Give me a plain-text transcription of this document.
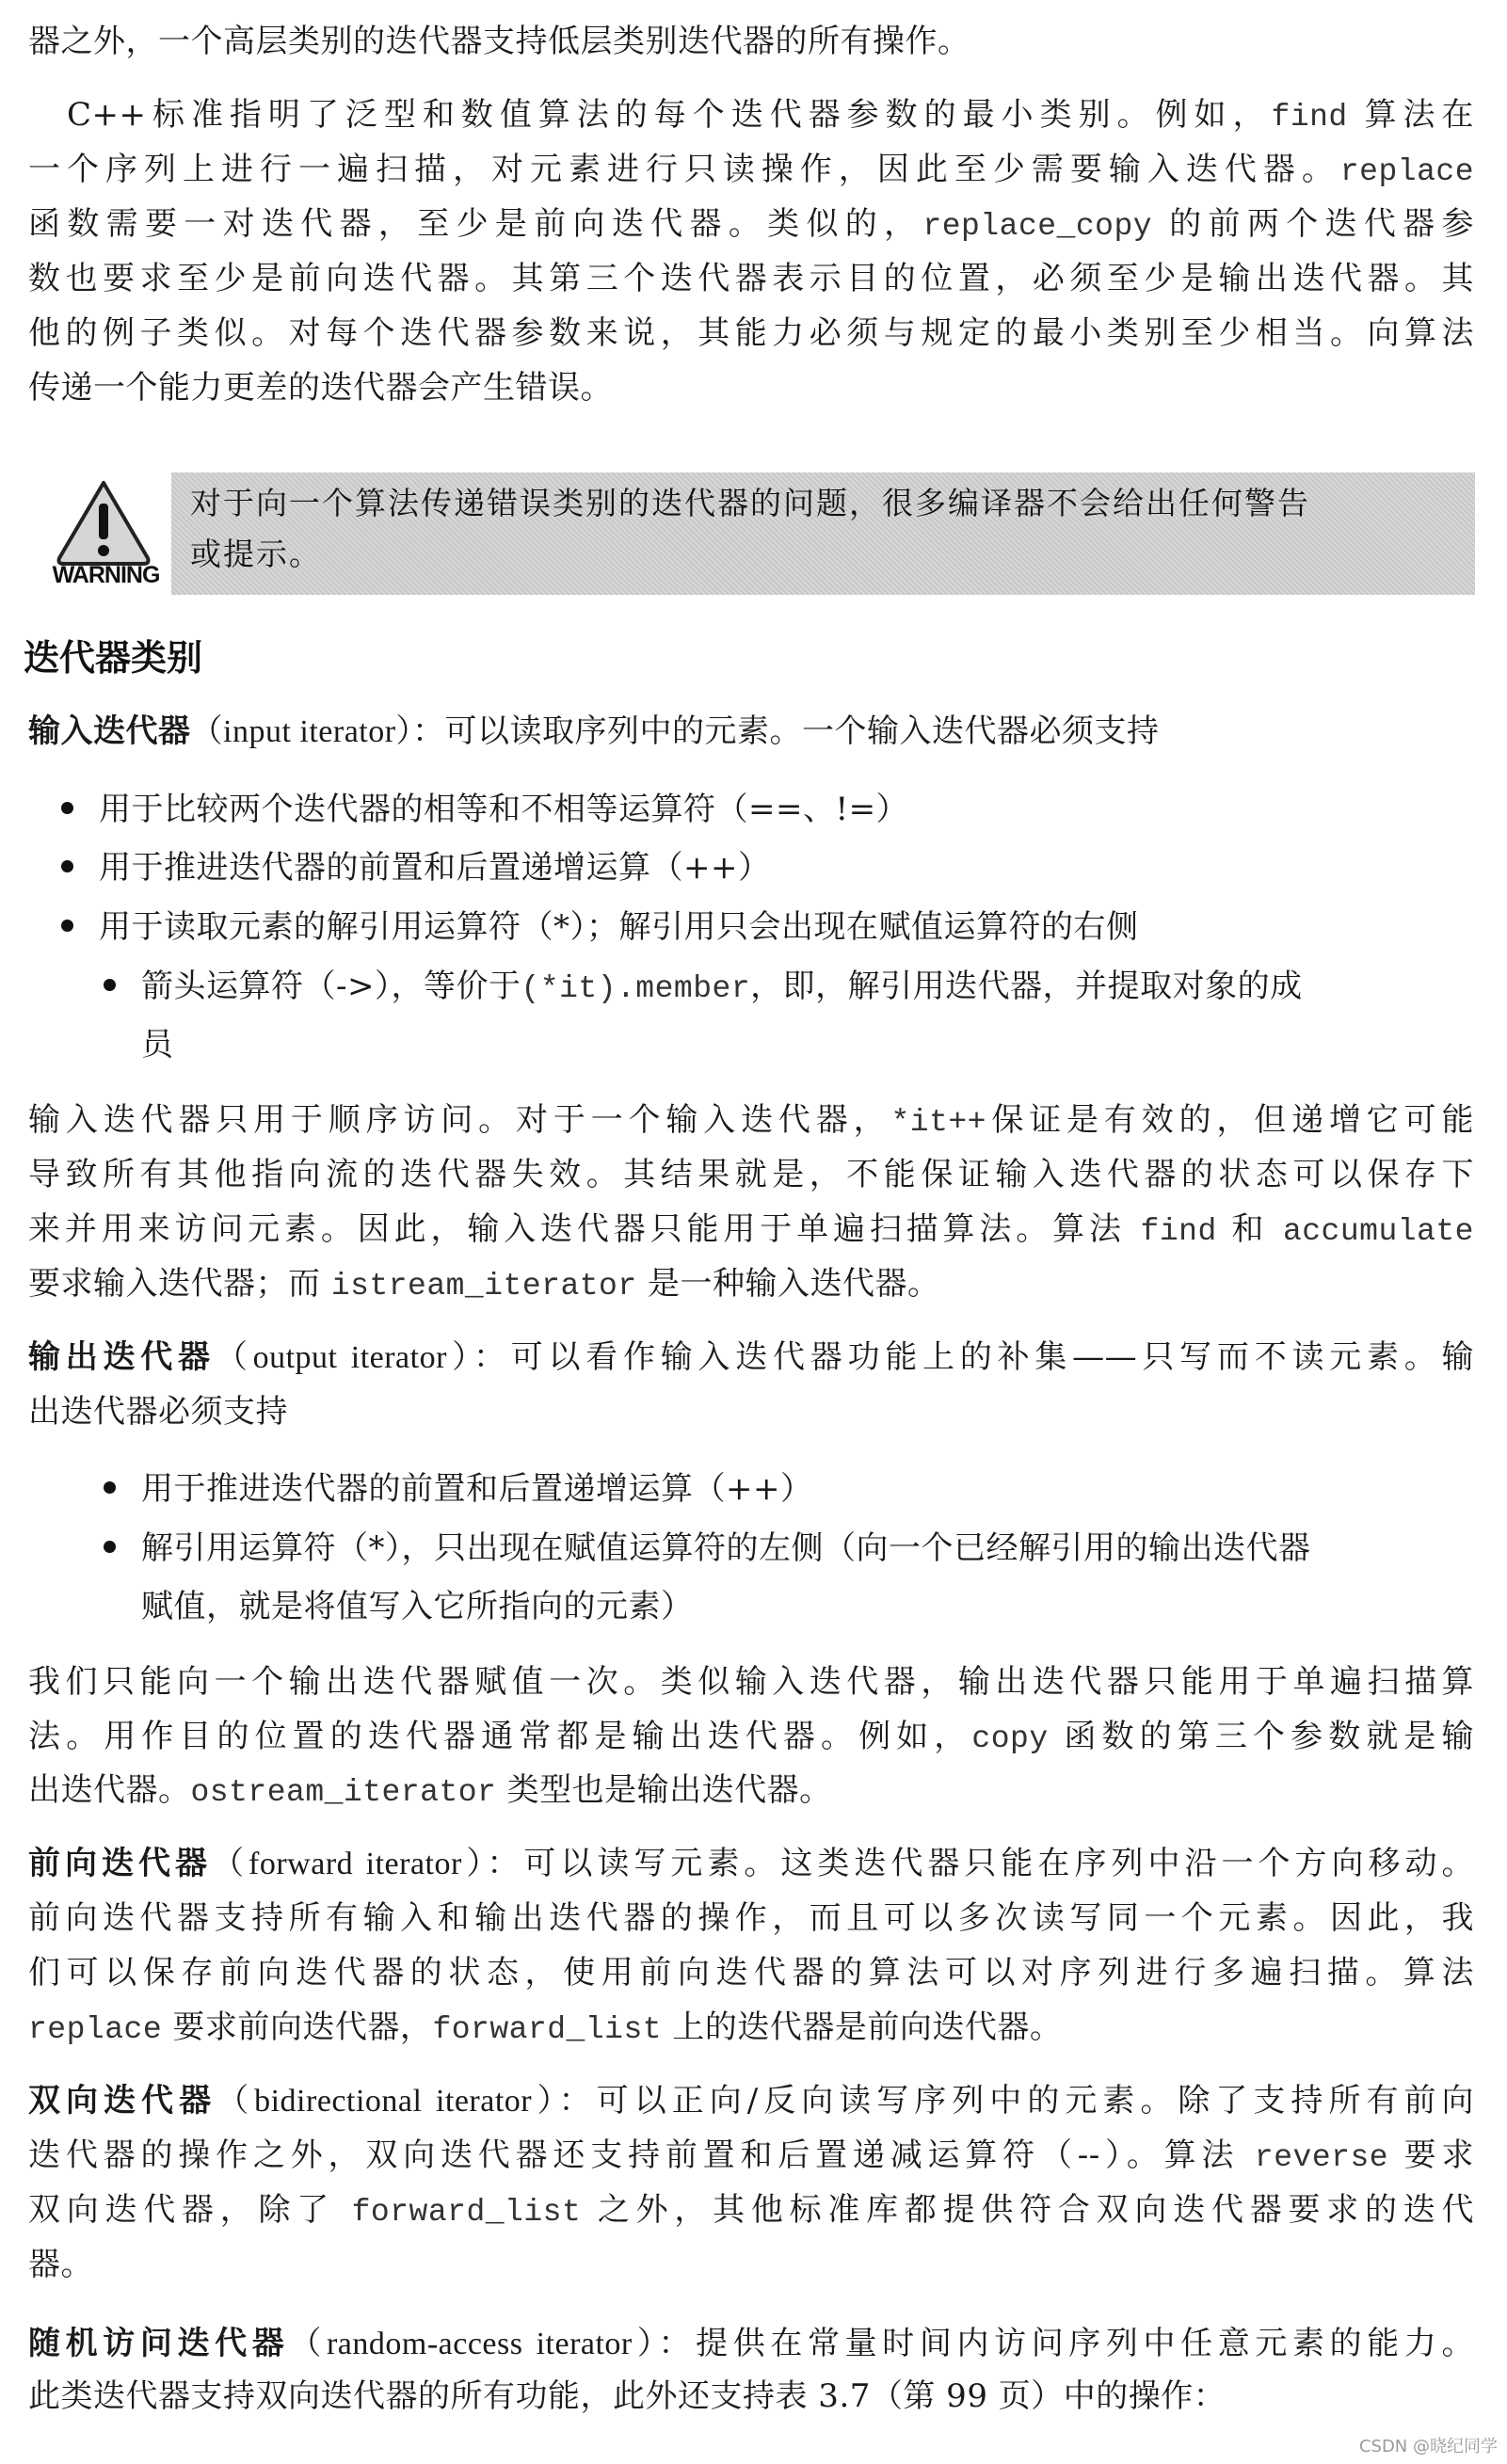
器之外，一个高层类别的迭代器支持低层类别迭代器的所有操作。
　C++标准指明了泛型和数值算法的每个迭代器参数的最小类别。例如，find 算法在
一个序列上进行一遍扫描，对元素进行只读操作，因此至少需要输入迭代器。replace
函数需要一对迭代器，至少是前向迭代器。类似的，replace_copy 的前两个迭代器参
数也要求至少是前向迭代器。其第三个迭代器表示目的位置，必须至少是输出迭代器。其
他的例子类似。对每个迭代器参数来说，其能力必须与规定的最小类别至少相当。向算法
传递一个能力更差的迭代器会产生错误。
WARNING
对于向一个算法传递错误类别的迭代器的问题，很多编译器不会给出任何警告
或提示。
迭代器类别
输入迭代器（input iterator）：可以读取序列中的元素。一个输入迭代器必须支持
用于比较两个迭代器的相等和不相等运算符（==、!=）
用于推进迭代器的前置和后置递增运算（++）
用于读取元素的解引用运算符（*）；解引用只会出现在赋值运算符的右侧
箭头运算符（->），等价于(*it).member，即，解引用迭代器，并提取对象的成
员
输入迭代器只用于顺序访问。对于一个输入迭代器，*it++保证是有效的，但递增它可能
导致所有其他指向流的迭代器失效。其结果就是，不能保证输入迭代器的状态可以保存下
来并用来访问元素。因此，输入迭代器只能用于单遍扫描算法。算法 find 和 accumulate
要求输入迭代器；而 istream_iterator 是一种输入迭代器。
输出迭代器（output iterator）：可以看作输入迭代器功能上的补集——只写而不读元素。输
出迭代器必须支持
用于推进迭代器的前置和后置递增运算（++）
解引用运算符（*），只出现在赋值运算符的左侧（向一个已经解引用的输出迭代器
赋值，就是将值写入它所指向的元素）
我们只能向一个输出迭代器赋值一次。类似输入迭代器，输出迭代器只能用于单遍扫描算
法。用作目的位置的迭代器通常都是输出迭代器。例如，copy 函数的第三个参数就是输
出迭代器。ostream_iterator 类型也是输出迭代器。
前向迭代器（forward iterator）：可以读写元素。这类迭代器只能在序列中沿一个方向移动。
前向迭代器支持所有输入和输出迭代器的操作，而且可以多次读写同一个元素。因此，我
们可以保存前向迭代器的状态，使用前向迭代器的算法可以对序列进行多遍扫描。算法
replace 要求前向迭代器，forward_list 上的迭代器是前向迭代器。
双向迭代器（bidirectional iterator）：可以正向/反向读写序列中的元素。除了支持所有前向
迭代器的操作之外，双向迭代器还支持前置和后置递减运算符（--）。算法 reverse 要求
双向迭代器，除了 forward_list 之外，其他标准库都提供符合双向迭代器要求的迭代
器。
随机访问迭代器（random-access iterator）：提供在常量时间内访问序列中任意元素的能力。
此类迭代器支持双向迭代器的所有功能，此外还支持表 3.7（第 99 页）中的操作：
CSDN @晓纪同学
